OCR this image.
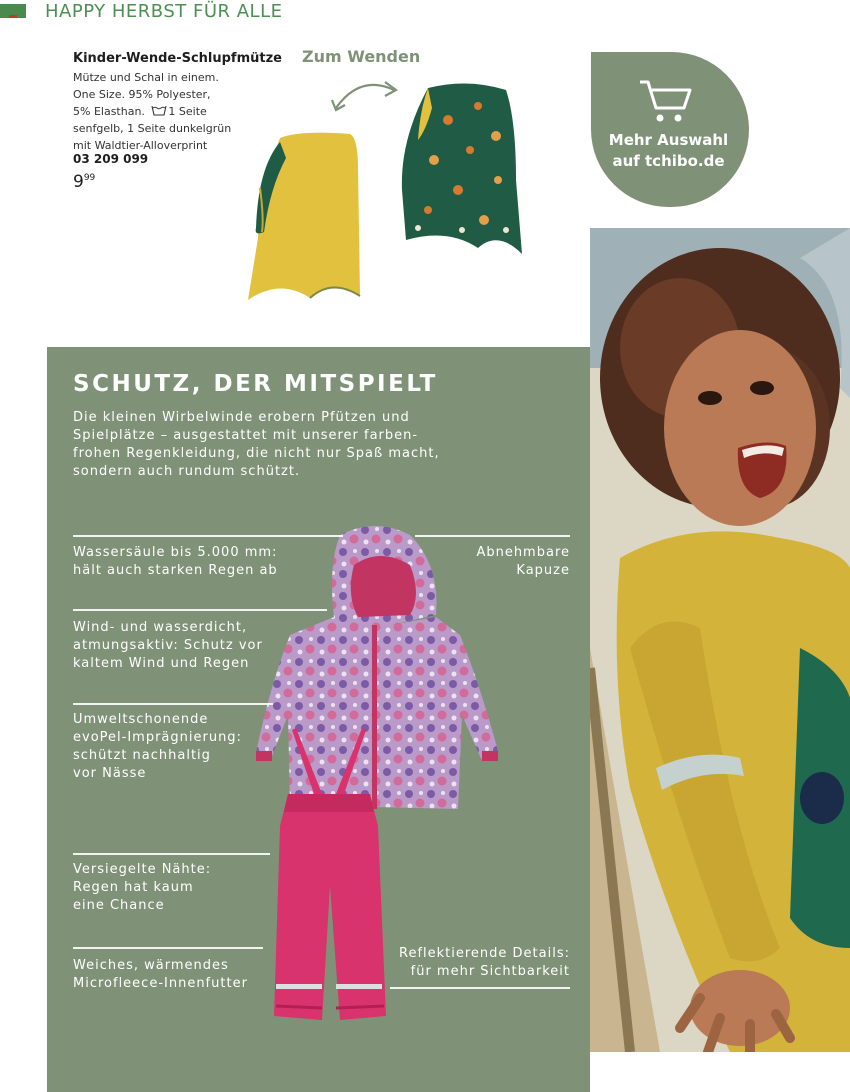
HAPPY HERBST FÜR ALLE
Kinder-Wende-Schlupfmütze
Mütze und Schal in einem.
One Size. 95% Polyester,
5% Elasthan. 1 Seite
senfgelb, 1 Seite dunkelgrün
mit Waldtier-Alloverprint
03 209 099
$9^{99}$
Zum Wenden
Mehr Auswahl
auf tchibo.de
SCHUTZ, DER MITSPIELT
Die kleinen Wirbelwinde erobern Pfützen und
Spielplätze – ausgestattet mit unserer farben-
frohen Regenkleidung, die nicht nur Spaß macht,
sondern auch rundum schützt.
Wassersäule bis 5.000 mm:
hält auch starken Regen ab
Abnehmbare
Kapuze
Wind- und wasserdicht,
atmungsaktiv: Schutz vor
kaltem Wind und Regen
Umweltschonende
evoPel-Imprägnierung:
schützt nachhaltig
vor Nässe
Versiegelte Nähte:
Regen hat kaum
eine Chance
Weiches, wärmendes
Microfleece-Innenfutter
Reflektierende Details:
für mehr Sichtbarkeit
